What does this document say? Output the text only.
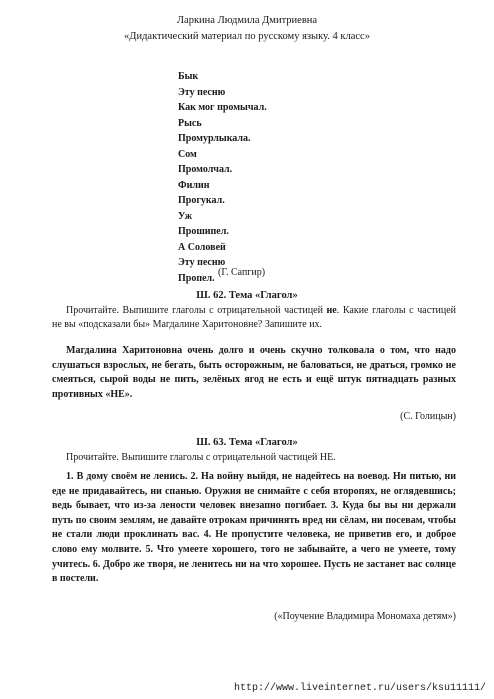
Ларкина Людмила Дмитриевна
«Дидактический материал по русскому языку. 4 класс»
Бык
Эту песню
Как мог промычал.
Рысь
Промурлыкала.
Сом
Промолчал.
Филин
Прогукал.
Уж
Прошипел.
А Соловей
Эту песню
Пропел. (Г. Сапгир)
Ш. 62. Тема «Глагол»
Прочитайте. Выпишите глаголы с отрицательной частицей не. Какие глаголы с частицей не вы «подсказали бы» Магдалине Харитоновне? Запишите их.
Магдалина Харитоновна очень долго и очень скучно толковала о том, что надо слушаться взрослых, не бегать, быть осторожным, не баловаться, не драться, громко не смеяться, сырой воды не пить, зелёных ягод не есть и ещё штук пятнадцать разных противных «НЕ».
(С. Голицын)
Ш. 63. Тема «Глагол»
Прочитайте. Выпишите глаголы с отрицательной частицей НЕ.
1. В дому своём не ленись. 2. На войну выйдя, не надейтесь на воевод. Ни питью, ни еде не придавайтесь, ни спанью. Оружия не снимайте с себя второпях, не оглядевшись; ведь бывает, что из-за лености человек внезапно погибает. 3. Куда бы вы ни держали путь по своим землям, не давайте отрокам причинять вред ни сёлам, ни посевам, чтобы не стали люди проклинать вас. 4. Не пропустите человека, не приветив его, и доброе слово ему молвите. 5. Что умеете хорошего, того не забывайте, а чего не умеете, тому учитесь. 6. Добро же творя, не ленитесь ни на что хорошее. Пусть не застанет вас солнце в постели.
(«Поучение Владимира Мономаха детям»)
http://www.liveinternet.ru/users/ksu11111/
